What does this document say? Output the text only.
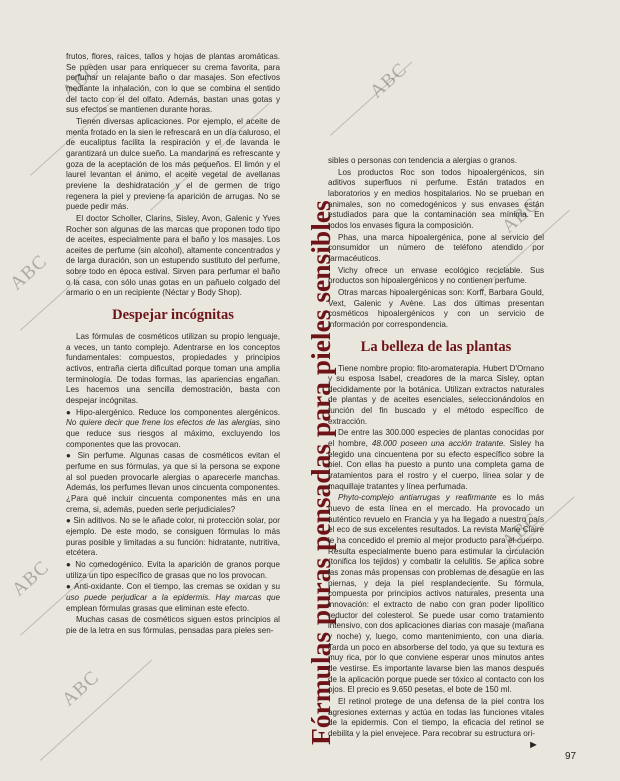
ABC	ABC
ABC
ABC
ABC
ABC
ABC

frutos, flores, raíces, tallos y hojas de plantas aromáticas. Se pueden usar para enriquecer su crema favorita, para perfumar un relajante baño o dar masajes. Son efectivos mediante la inhalación, con lo que se combina el sentido del tacto con el del olfato. Además, bastan unas gotas y sus efectos se mantienen durante horas.

Tienen diversas aplicaciones. Por ejemplo, el aceite de menta frotado en la sien le refrescará en un día caluroso, el de eucaliptus facilita la respiración y el de lavanda le garantizará un dulce sueño. La mandarina es refrescante y goza de la aceptación de los más pequeños. El limón y el laurel levantan el ánimo, el aceite vegetal de avellanas previene la deshidratación y el de germen de trigo regenera la piel y previene la aparición de arrugas. No se puede pedir más.

El doctor Scholler, Clarins, Sisley, Avon, Galenic y Yves Rocher son algunas de las marcas que proponen todo tipo de aceites, especialmente para el baño y los masajes. Los aceites de perfume (sin alcohol), altamente concentrados y de larga duración, son un estupendo sustituto del perfume, sobre todo en época estival. Sirven para perfumar el baño o la casa, con sólo unas gotas en un pañuelo colgado del armario o en un recipiente (Néctar y Body Shop).

Despejar incógnitas

Las fórmulas de cosméticos utilizan su propio lenguaje, a veces, un tanto complejo. Adentrarse en los conceptos fundamentales: compuestos, propiedades y principios activos, entraña cierta dificultad porque toman una amplia terminología. De todas formas, las apariencias engañan. Les hacemos una sencilla demostración, basta con despejar incógnitas.

● Hipo-alergénico. Reduce los componentes alergénicos. No quiere decir que frene los efectos de las alergias, sino que reduce sus riesgos al máximo, excluyendo los componentes que las provocan.

● Sin perfume. Algunas casas de cosméticos evitan el perfume en sus fórmulas, ya que si la persona se expone al sol pueden provocarle alergias o aparecerle manchas. Además, los perfumes llevan unos cincuenta componentes. ¿Para qué incluir cincuenta componentes más en una crema, si, además, pueden serle perjudiciales?

● Sin aditivos. No se le añade color, ni protección solar, por ejemplo. De este modo, se consiguen fórmulas lo más puras posible y limitadas a su función: hidratante, nutritiva, etcétera.

● No comedogénico. Evita la aparición de granos porque utiliza un tipo específico de grasas que no los provocan.

● Anti-oxidante. Con el tiempo, las cremas se oxidan y su uso puede perjudicar a la epidermis. Hay marcas que emplean fórmulas grasas que eliminan este efecto.

Muchas casas de cosméticos siguen estos principios al pie de la letra en sus fórmulas, pensadas para pieles sen- Fórmulas puras pensadas para pieles sensibles

sibles o personas con tendencia a alergias o granos.

Los productos Roc son todos hipoalergénicos, sin aditivos superfluos ni perfume. Están tratados en laboratorios y en medios hospitalarios. No se prueban en animales, son no comedogénicos y sus envases están estudiados para que la contaminación sea mínima. En todos los envases figura la composición.

Phas, una marca hipoalergénica, pone al servicio del consumidor un número de teléfono atendido por farmacéuticos.

Vichy ofrece un envase ecológico reciclable. Sus productos son hipoalergénicos y no contienen perfume.

Otras marcas hipoalergénicas son: Korff, Barbara Gould, Vext, Galenic y Avène. Las dos últimas presentan cosméticos hipoalergénicos y con un servicio de información por correspondencia.

La belleza de las plantas

Tiene nombre propio: fito-aromaterapia. Hubert D'Ornano y su esposa Isabel, creadores de la marca Sisley, optan decididamente por la botánica. Utilizan extractos naturales de plantas y de aceites esenciales, seleccionándolos en función del fin buscado y el método específico de extracción.

De entre las 300.000 especies de plantas conocidas por el hombre, 48.000 poseen una acción tratante. Sisley ha elegido una cincuentena por su efecto específico sobre la piel. Con ellas ha puesto a punto una completa gama de tratamientos para el rostro y el cuerpo, línea solar y de maquillaje tratantes y línea perfumada.

Phyto-complejo antiarrugas y reafirmante es lo más nuevo de esta línea en el mercado. Ha provocado un auténtico revuelo en Francia y ya ha llegado a nuestro país el eco de sus excelentes resultados. La revista Marie Claire le ha concedido el premio al mejor producto para el cuerpo. Resulta especialmente bueno para estimular la circulación (tonifica los tejidos) y combatir la celulitis. Se aplica sobre las zonas más propensas con problemas de desagüe en las piernas, y deja la piel resplandeciente. Su fórmula, compuesta por principios activos naturales, presenta una innovación: el extracto de nabo con gran poder lipolítico reductor del colesterol. Se puede usar como tratamiento intensivo, con dos aplicaciones diarias con masaje (mañana y noche) y, luego, como mantenimiento, con una diaria. Tarda un poco en absorberse del todo, ya que su textura es muy rica, por lo que conviene esperar unos minutos antes de vestirse. Es importante lavarse bien las manos después de la aplicación porque puede ser tóxico al contacto con los ojos. El precio es 9.650 pesetas, el bote de 150 ml.

El retinol protege de una defensa de la piel contra los agresiones externas y actúa en todas las funciones vitales de la epidermis. Con el tiempo, la eficacia del retinol se debilita y la piel envejece. Para recobrar su estructura ori-

►
97
